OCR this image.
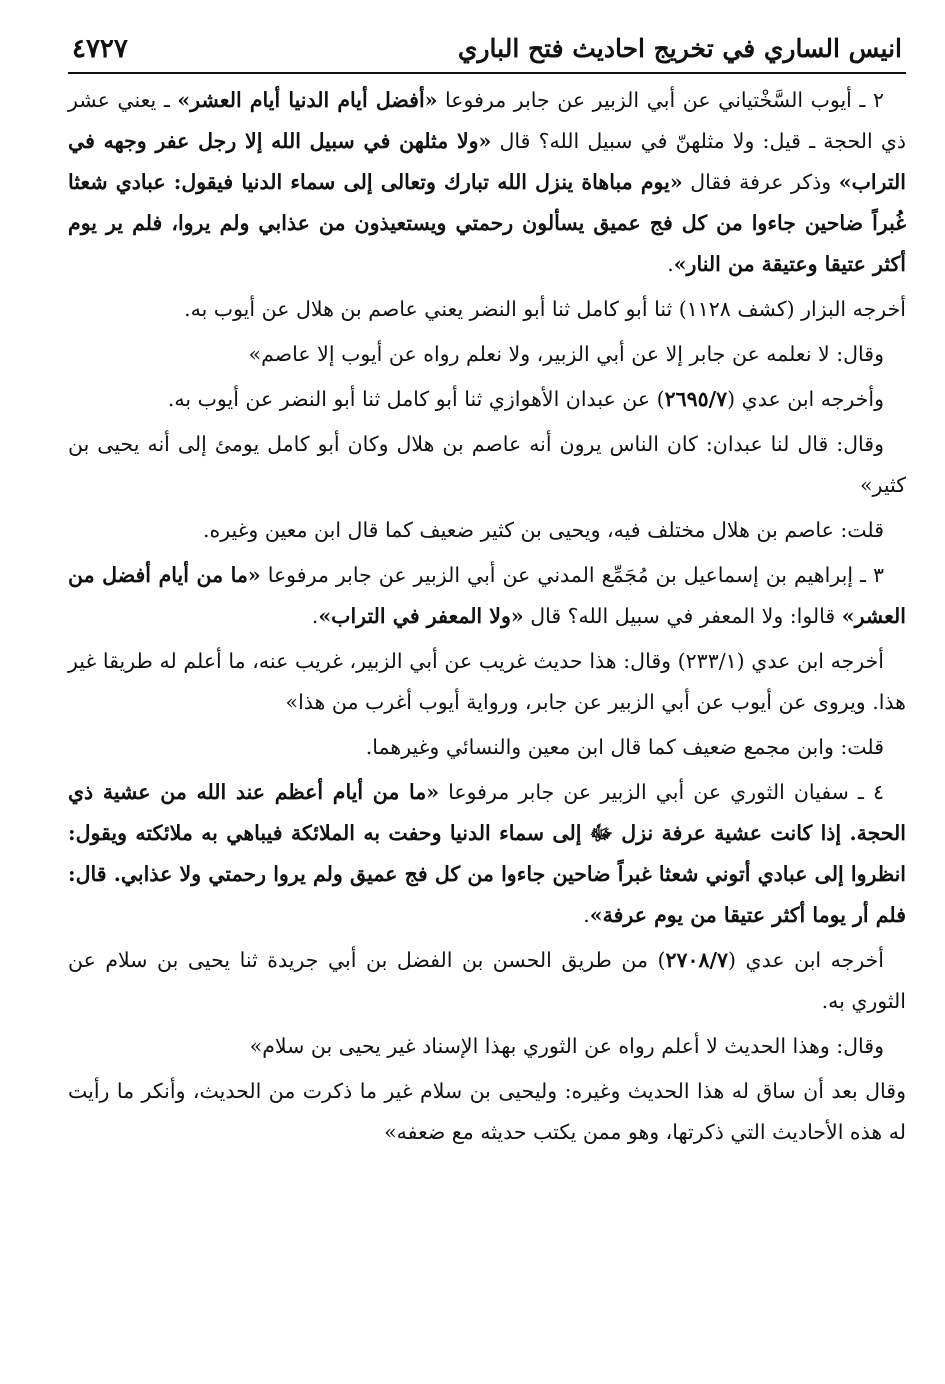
انيس الساري في تخريج احاديث فتح الباري
٤٧٢٧

٢ ـ أيوب السَّخْتياني عن أبي الزبير عن جابر مرفوعا «أفضل أيام الدنيا أيام العشر» ـ يعني عشر ذي الحجة ـ قيل: ولا مثلهنّ في سبيل الله؟ قال «ولا مثلهن في سبيل الله إلا رجل عفر وجهه في التراب» وذكر عرفة فقال «يوم مباهاة ينزل الله تبارك وتعالى إلى سماء الدنيا فيقول: عبادي شعثا غُبراً ضاحين جاءوا من كل فج عميق يسألون رحمتي ويستعيذون من عذابي ولم يروا، فلم ير يوم أكثر عتيقا وعتيقة من النار».

أخرجه البزار (كشف ١١٢٨) ثنا أبو كامل ثنا أبو النضر يعني عاصم بن هلال عن أيوب به.

وقال: لا نعلمه عن جابر إلا عن أبي الزبير، ولا نعلم رواه عن أيوب إلا عاصم»

وأخرجه ابن عدي (٢٦٩٥/٧) عن عبدان الأهوازي ثنا أبو كامل ثنا أبو النضر عن أيوب به.

وقال: قال لنا عبدان: كان الناس يرون أنه عاصم بن هلال وكان أبو كامل يومئ إلى أنه يحيى بن كثير»

قلت: عاصم بن هلال مختلف فيه، ويحيى بن كثير ضعيف كما قال ابن معين وغيره.

٣ ـ إبراهيم بن إسماعيل بن مُجَمِّع المدني عن أبي الزبير عن جابر مرفوعا «ما من أيام أفضل من العشر» قالوا: ولا المعفر في سبيل الله؟ قال «ولا المعفر في التراب».

أخرجه ابن عدي (٢٣٣/١) وقال: هذا حديث غريب عن أبي الزبير، غريب عنه، ما أعلم له طريقا غير هذا. ويروى عن أيوب عن أبي الزبير عن جابر، ورواية أيوب أغرب من هذا»

قلت: وابن مجمع ضعيف كما قال ابن معين والنسائي وغيرهما.

٤ ـ سفيان الثوري عن أبي الزبير عن جابر مرفوعا «ما من أيام أعظم عند الله من عشية ذي الحجة. إذا كانت عشية عرفة نزل ﷻ إلى سماء الدنيا وحفت به الملائكة فيباهي به ملائكته ويقول: انظروا إلى عبادي أتوني شعثا غبراً ضاحين جاءوا من كل فج عميق ولم يروا رحمتي ولا عذابي. قال: فلم أر يوما أكثر عتيقا من يوم عرفة».

أخرجه ابن عدي (٢٧٠٨/٧) من طريق الحسن بن الفضل بن أبي جريدة ثنا يحيى بن سلام عن الثوري به.

وقال: وهذا الحديث لا أعلم رواه عن الثوري بهذا الإسناد غير يحيى بن سلام»

وقال بعد أن ساق له هذا الحديث وغيره: وليحيى بن سلام غير ما ذكرت من الحديث، وأنكر ما رأيت له هذه الأحاديث التي ذكرتها، وهو ممن يكتب حديثه مع ضعفه»
